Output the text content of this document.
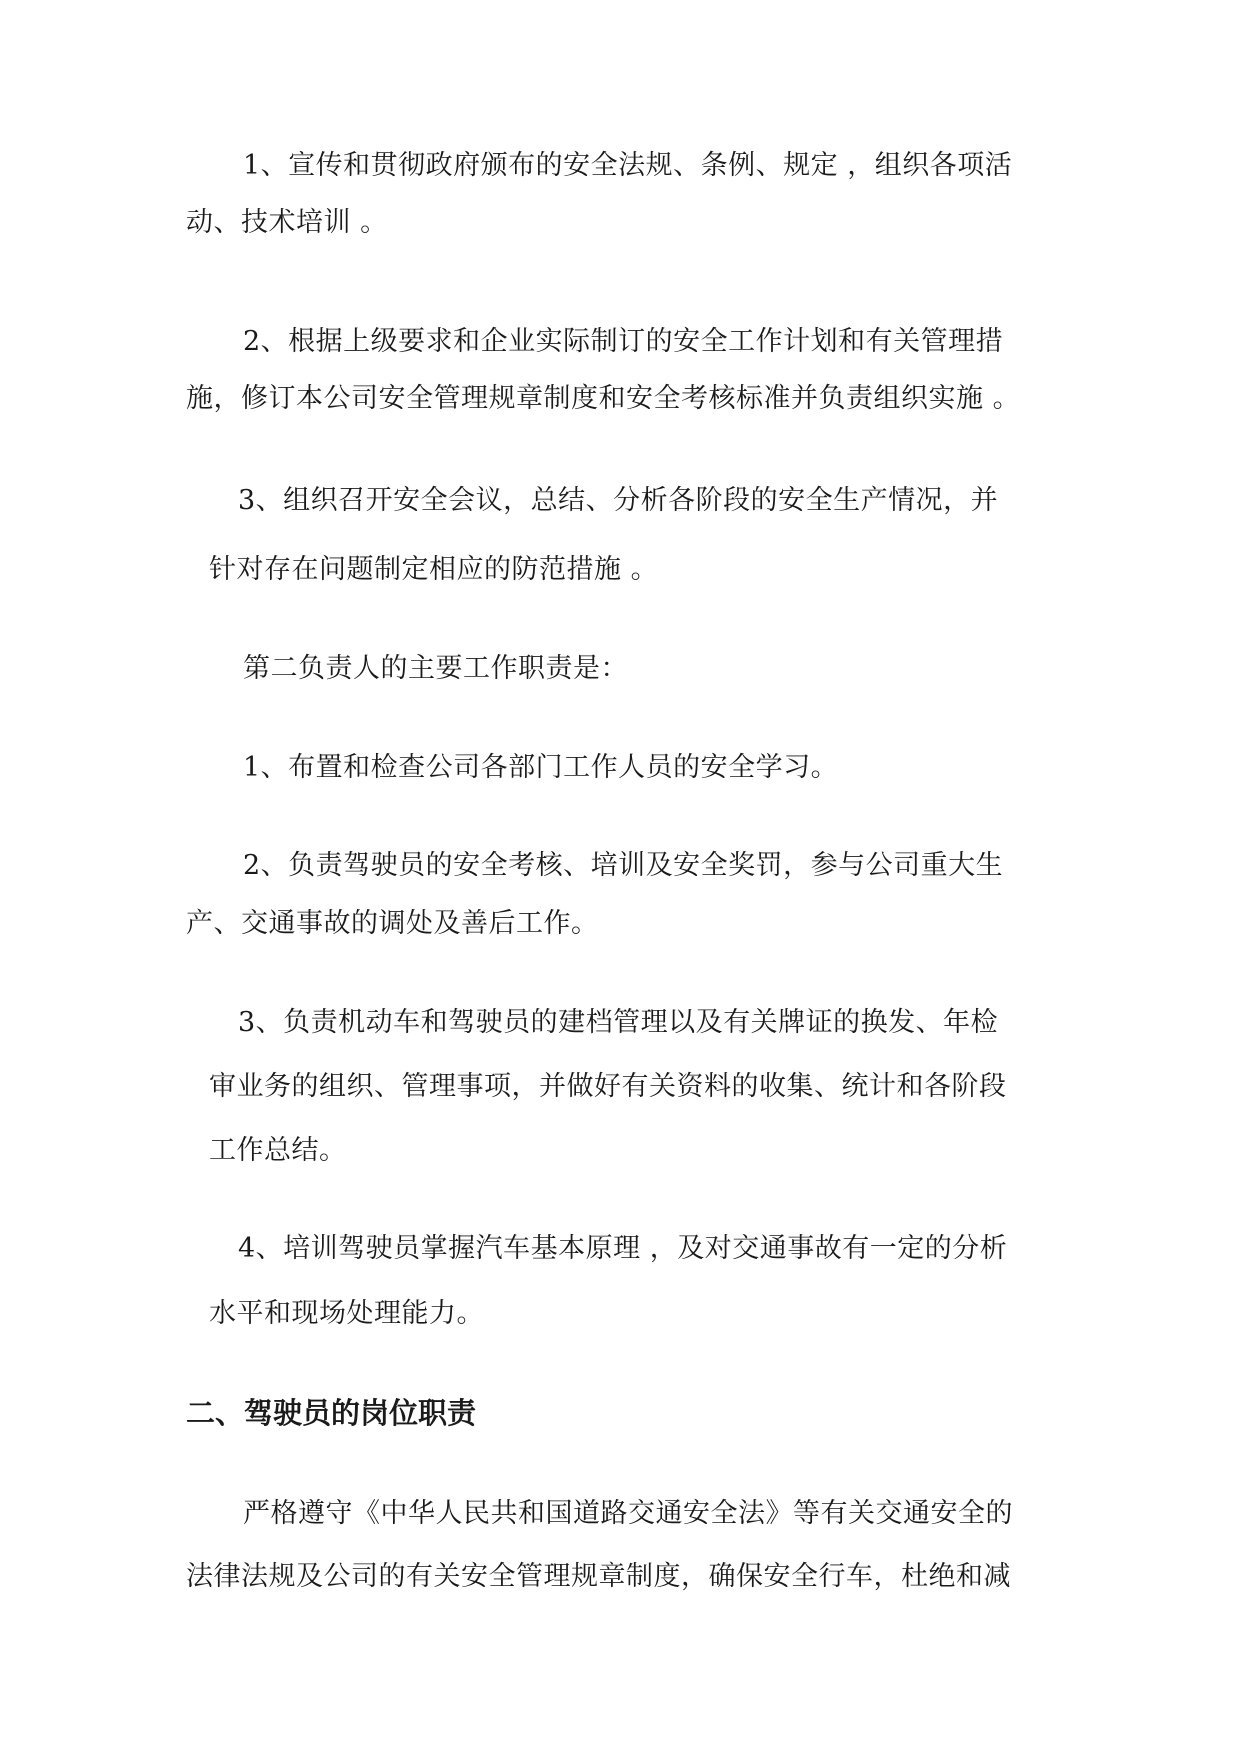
1、宣传和贯彻政府颁布的安全法规、条例、规定 ，组织各项活
动、技术培训 。
2、根据上级要求和企业实际制订的安全工作计划和有关管理措
施，修订本公司安全管理规章制度和安全考核标准并负责组织实施 。
3、组织召开安全会议，总结、分析各阶段的安全生产情况，并
针对存在问题制定相应的防范措施 。
第二负责人的主要工作职责是：
1、布置和检查公司各部门工作人员的安全学习。
2、负责驾驶员的安全考核、培训及安全奖罚，参与公司重大生
产、交通事故的调处及善后工作。
3、负责机动车和驾驶员的建档管理以及有关牌证的换发、年检
审业务的组织、管理事项，并做好有关资料的收集、统计和各阶段
工作总结。
4、培训驾驶员掌握汽车基本原理 ，及对交通事故有一定的分析
水平和现场处理能力。
二、驾驶员的岗位职责
严格遵守《中华人民共和国道路交通安全法》等有关交通安全的
法律法规及公司的有关安全管理规章制度，确保安全行车，杜绝和减
